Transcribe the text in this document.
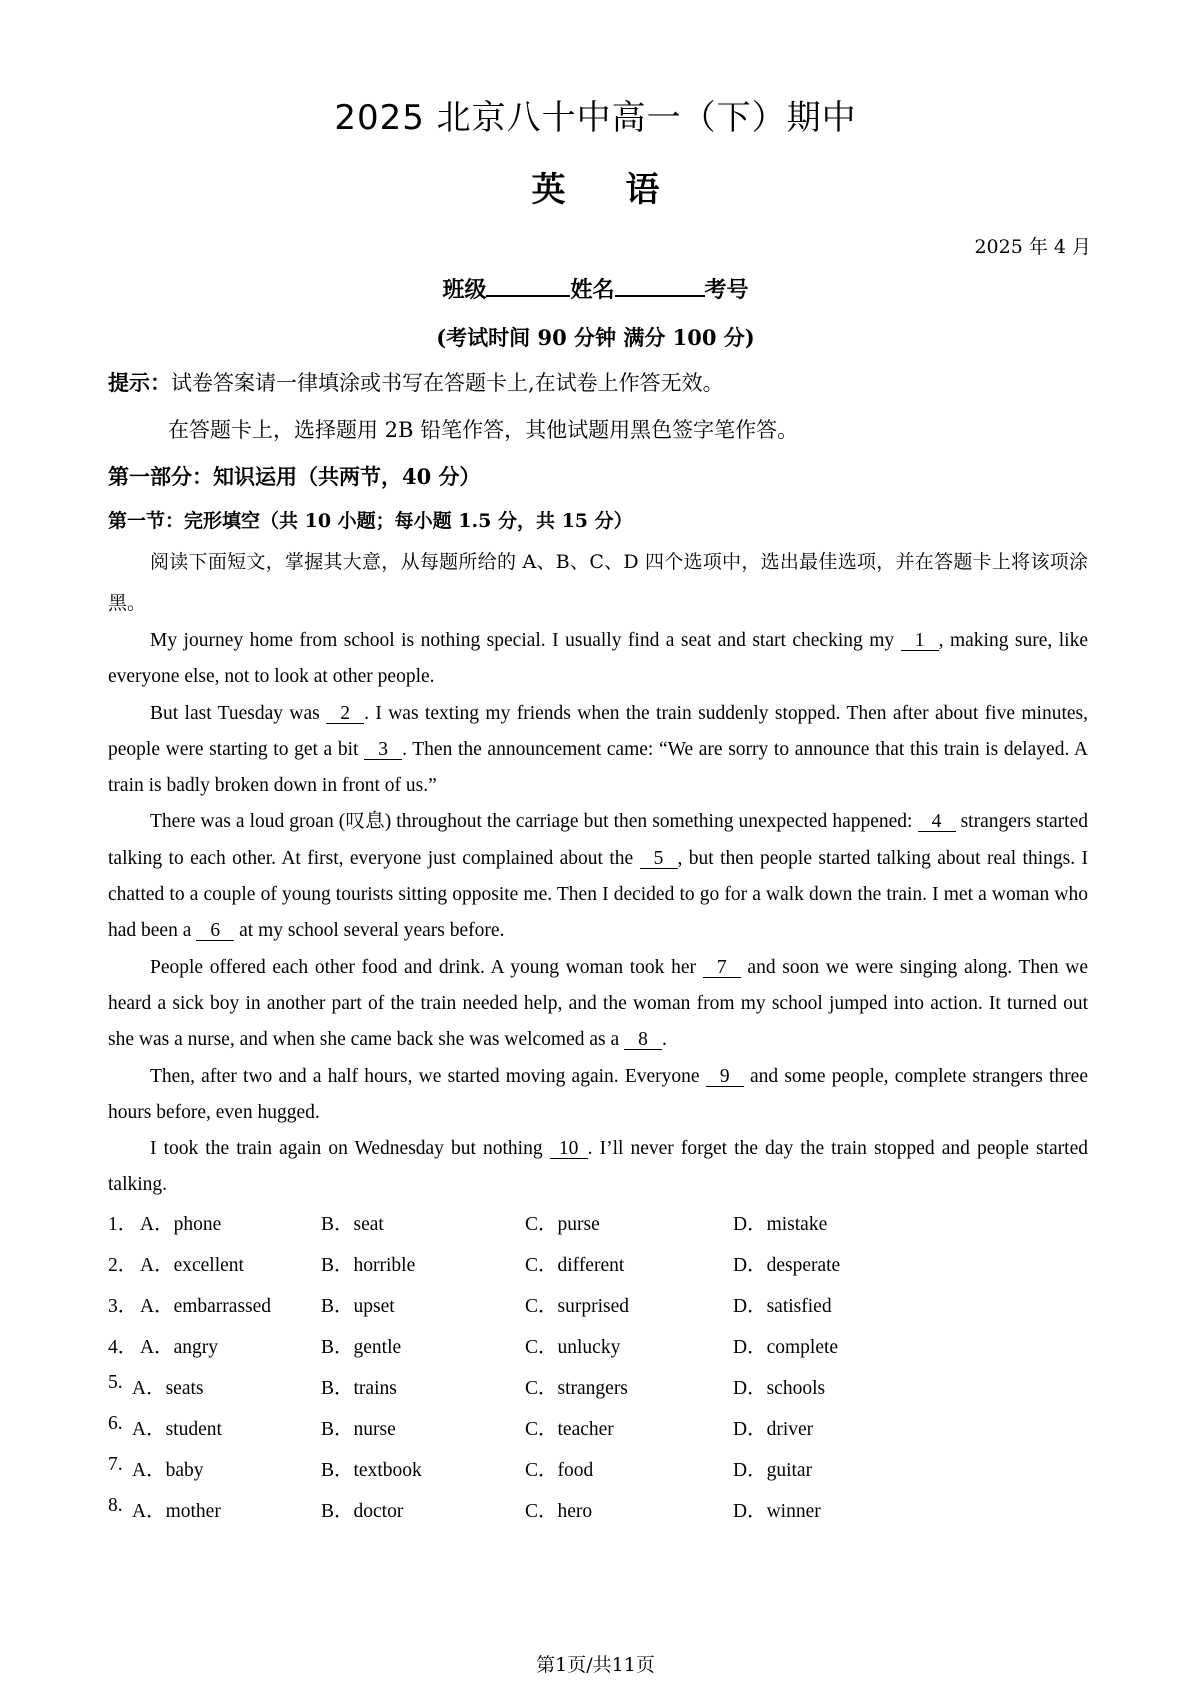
2025 北京八十中高一（下）期中
英语
2025 年 4 月
班级	姓名	考号
(考试时间 90 分钟 满分 100 分)
提示：试卷答案请一律填涂或书写在答题卡上,在试卷上作答无效。
在答题卡上，选择题用 2B 铅笔作答，其他试题用黑色签字笔作答。
第一部分：知识运用（共两节，40 分）
第一节：完形填空（共 10 小题；每小题 1.5 分，共 15 分）
阅读下面短文，掌握其大意，从每题所给的 A、B、C、D 四个选项中，选出最佳选项，并在答题卡上将该项涂黑。

My journey home from school is nothing special. I usually find a seat and start checking my 1 , making sure, like everyone else, not to look at other people.

But last Tuesday was 2 . I was texting my friends when the train suddenly stopped. Then after about five minutes, people were starting to get a bit 3 . Then the announcement came: “We are sorry to announce that this train is delayed. A train is badly broken down in front of us.”

There was a loud groan (叹息) throughout the carriage but then something unexpected happened: 4 strangers started talking to each other. At first, everyone just complained about the 5 , but then people started talking about real things. I chatted to a couple of young tourists sitting opposite me. Then I decided to go for a walk down the train. I met a woman who had been a 6 at my school several years before.

People offered each other food and drink. A young woman took her 7 and soon we were singing along. Then we heard a sick boy in another part of the train needed help, and the woman from my school jumped into action. It turned out she was a nurse, and when she came back she was welcomed as a 8 .

Then, after two and a half hours, we started moving again. Everyone 9 and some people, complete strangers three hours before, even hugged.

I took the train again on Wednesday but nothing 10 . I’ll never forget the day the train stopped and people started talking.

1． A．phone	B．seat	C．purse	D．mistake
2． A．excellent	B．horrible	C．different	D．desperate
3． A．embarrassed	B．upset	C．surprised	D．satisfied
4． A．angry	B．gentle	C．unlucky	D．complete
5. A．seats	B．trains	C．strangers	D．schools
6. A．student	B．nurse	C．teacher	D．driver
7. A．baby	B．textbook	C．food	D．guitar
8. A．mother	B．doctor	C．hero	D．winner
第1页/共11页
